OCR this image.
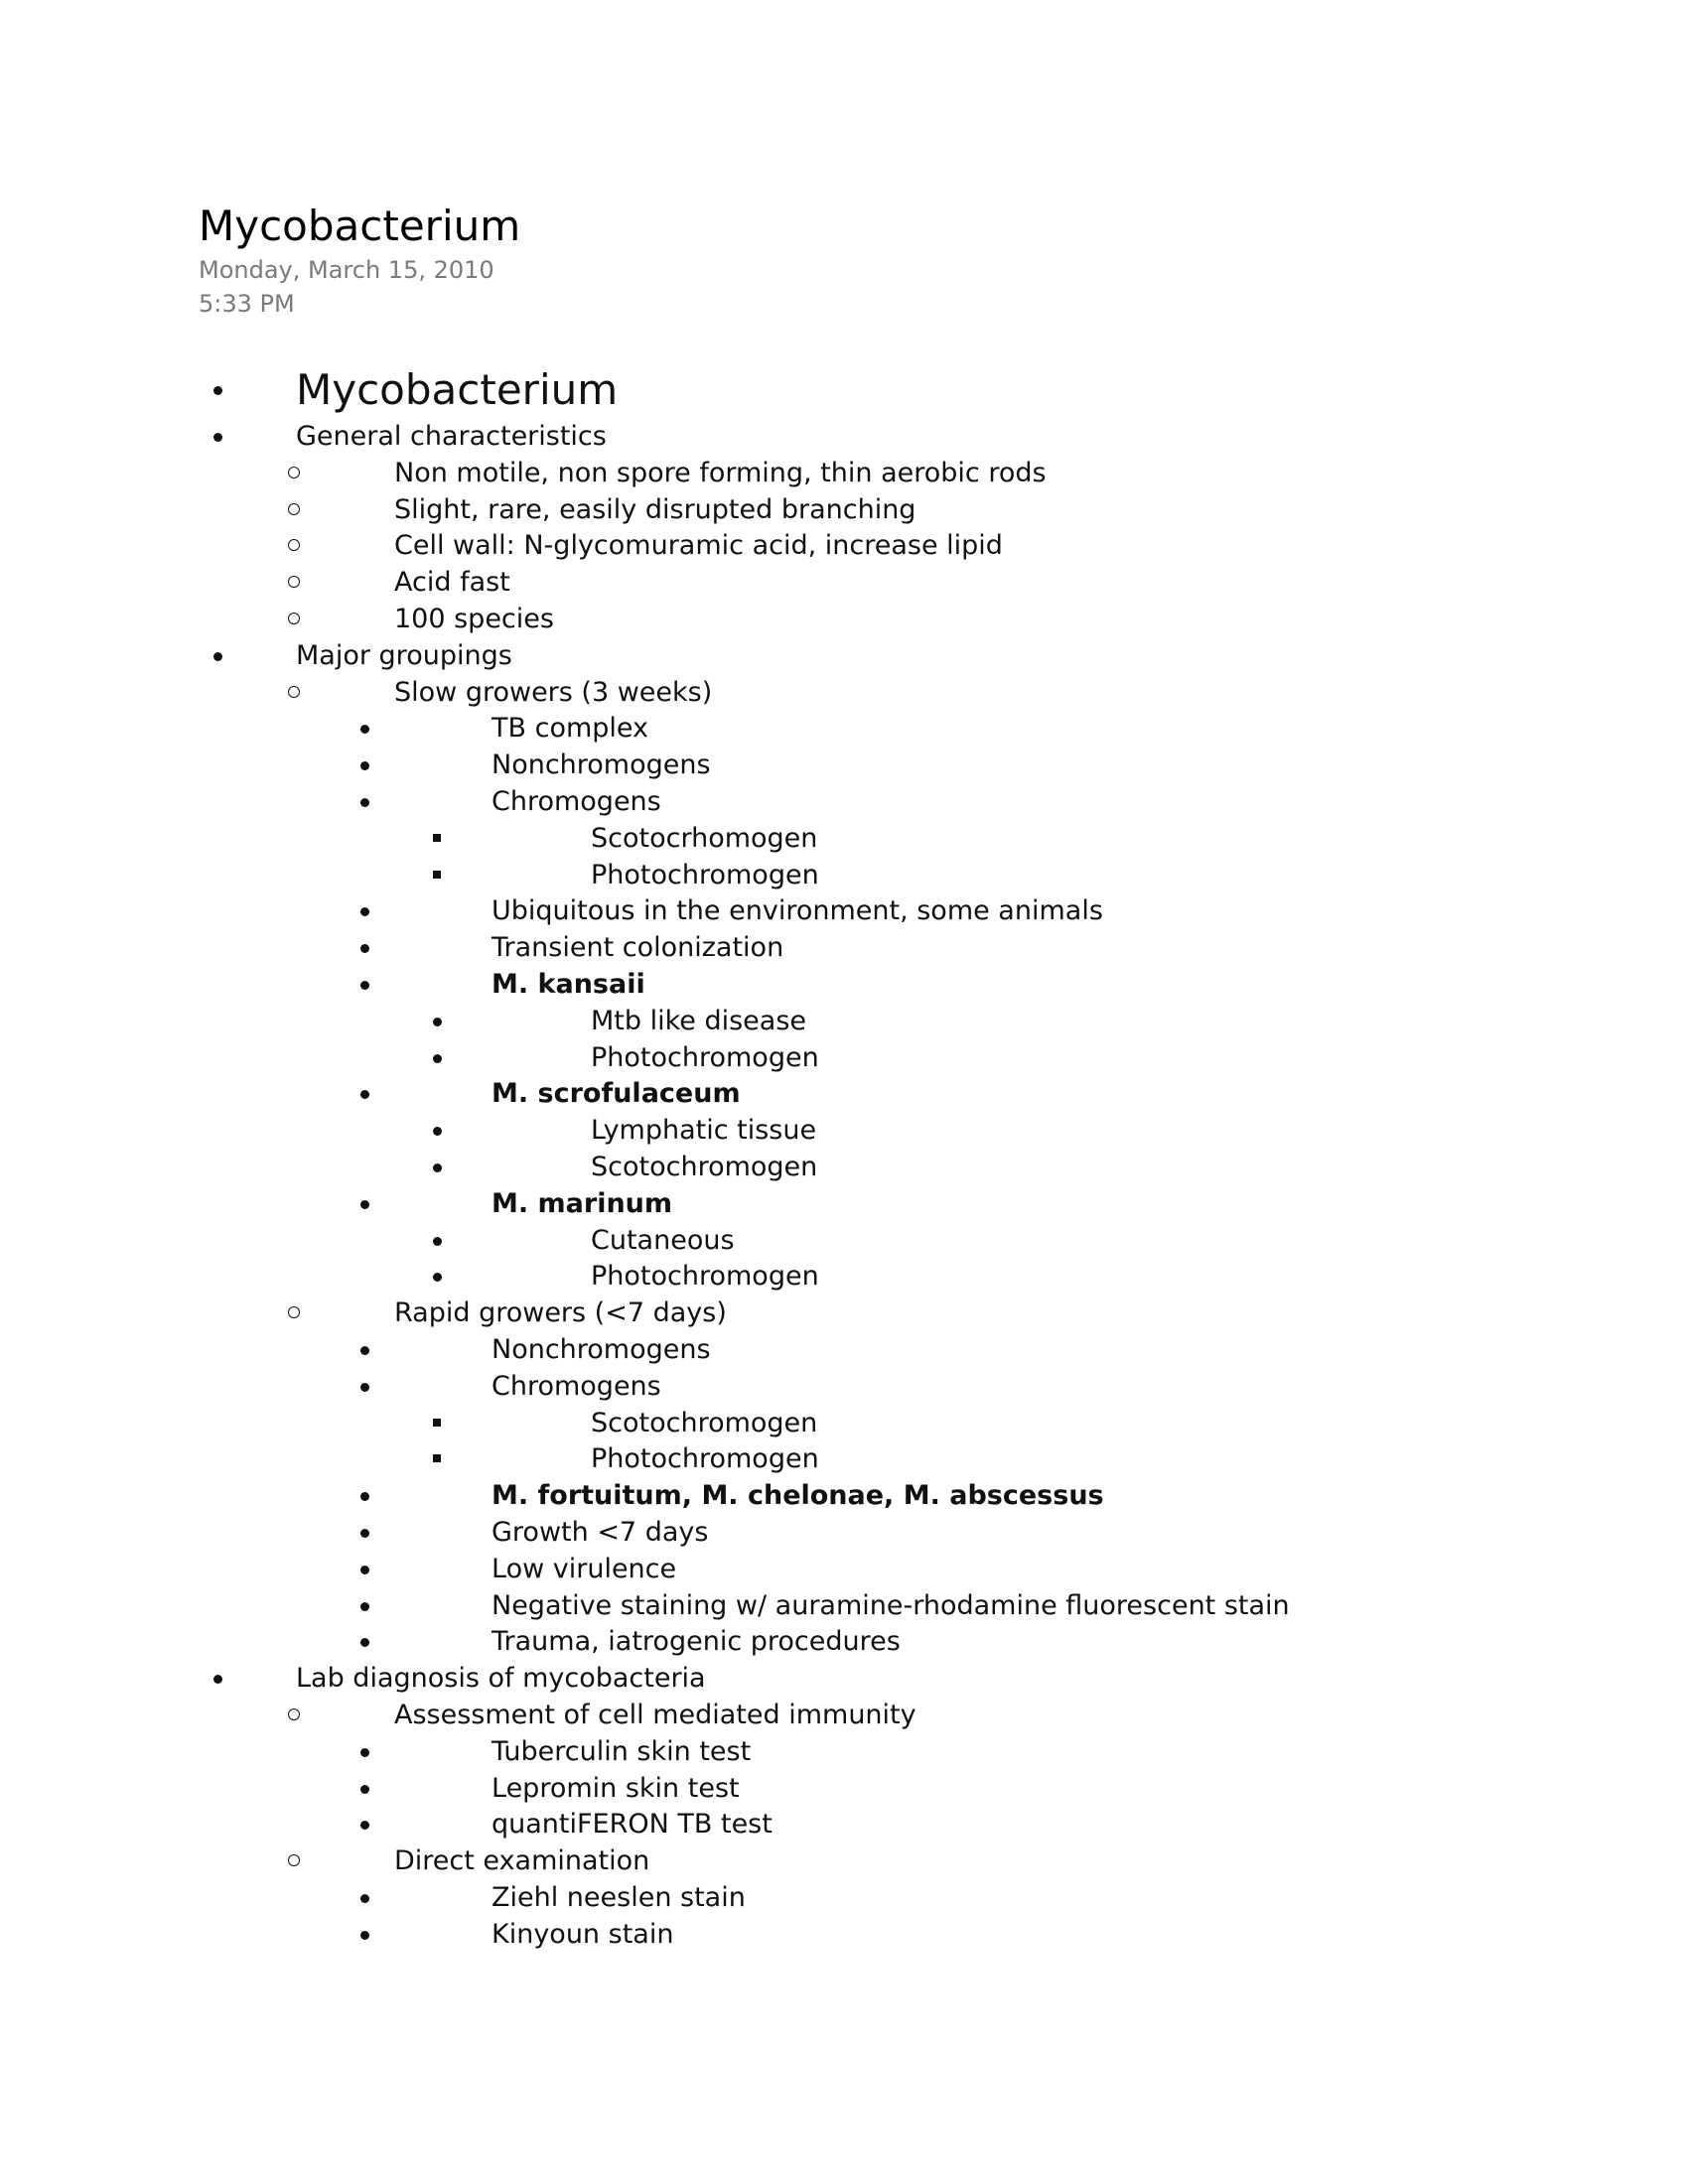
Mycobacterium
Monday, March 15, 2010
5:33 PM
Mycobacterium
General characteristics
Non motile, non spore forming, thin aerobic rods
Slight, rare, easily disrupted branching
Cell wall: N-glycomuramic acid, increase lipid
Acid fast
100 species
Major groupings
Slow growers (3 weeks)
TB complex
Nonchromogens
Chromogens
Scotocrhomogen
Photochromogen
Ubiquitous in the environment, some animals
Transient colonization
M. kansaii
Mtb like disease
Photochromogen
M. scrofulaceum
Lymphatic tissue
Scotochromogen
M. marinum
Cutaneous
Photochromogen
Rapid growers (<7 days)
Nonchromogens
Chromogens
Scotochromogen
Photochromogen
M. fortuitum, M. chelonae, M. abscessus
Growth <7 days
Low virulence
Negative staining w/ auramine-rhodamine fluorescent stain
Trauma, iatrogenic procedures
Lab diagnosis of mycobacteria
Assessment of cell mediated immunity
Tuberculin skin test
Lepromin skin test
quantiFERON TB test
Direct examination
Ziehl neeslen stain
Kinyoun stain
